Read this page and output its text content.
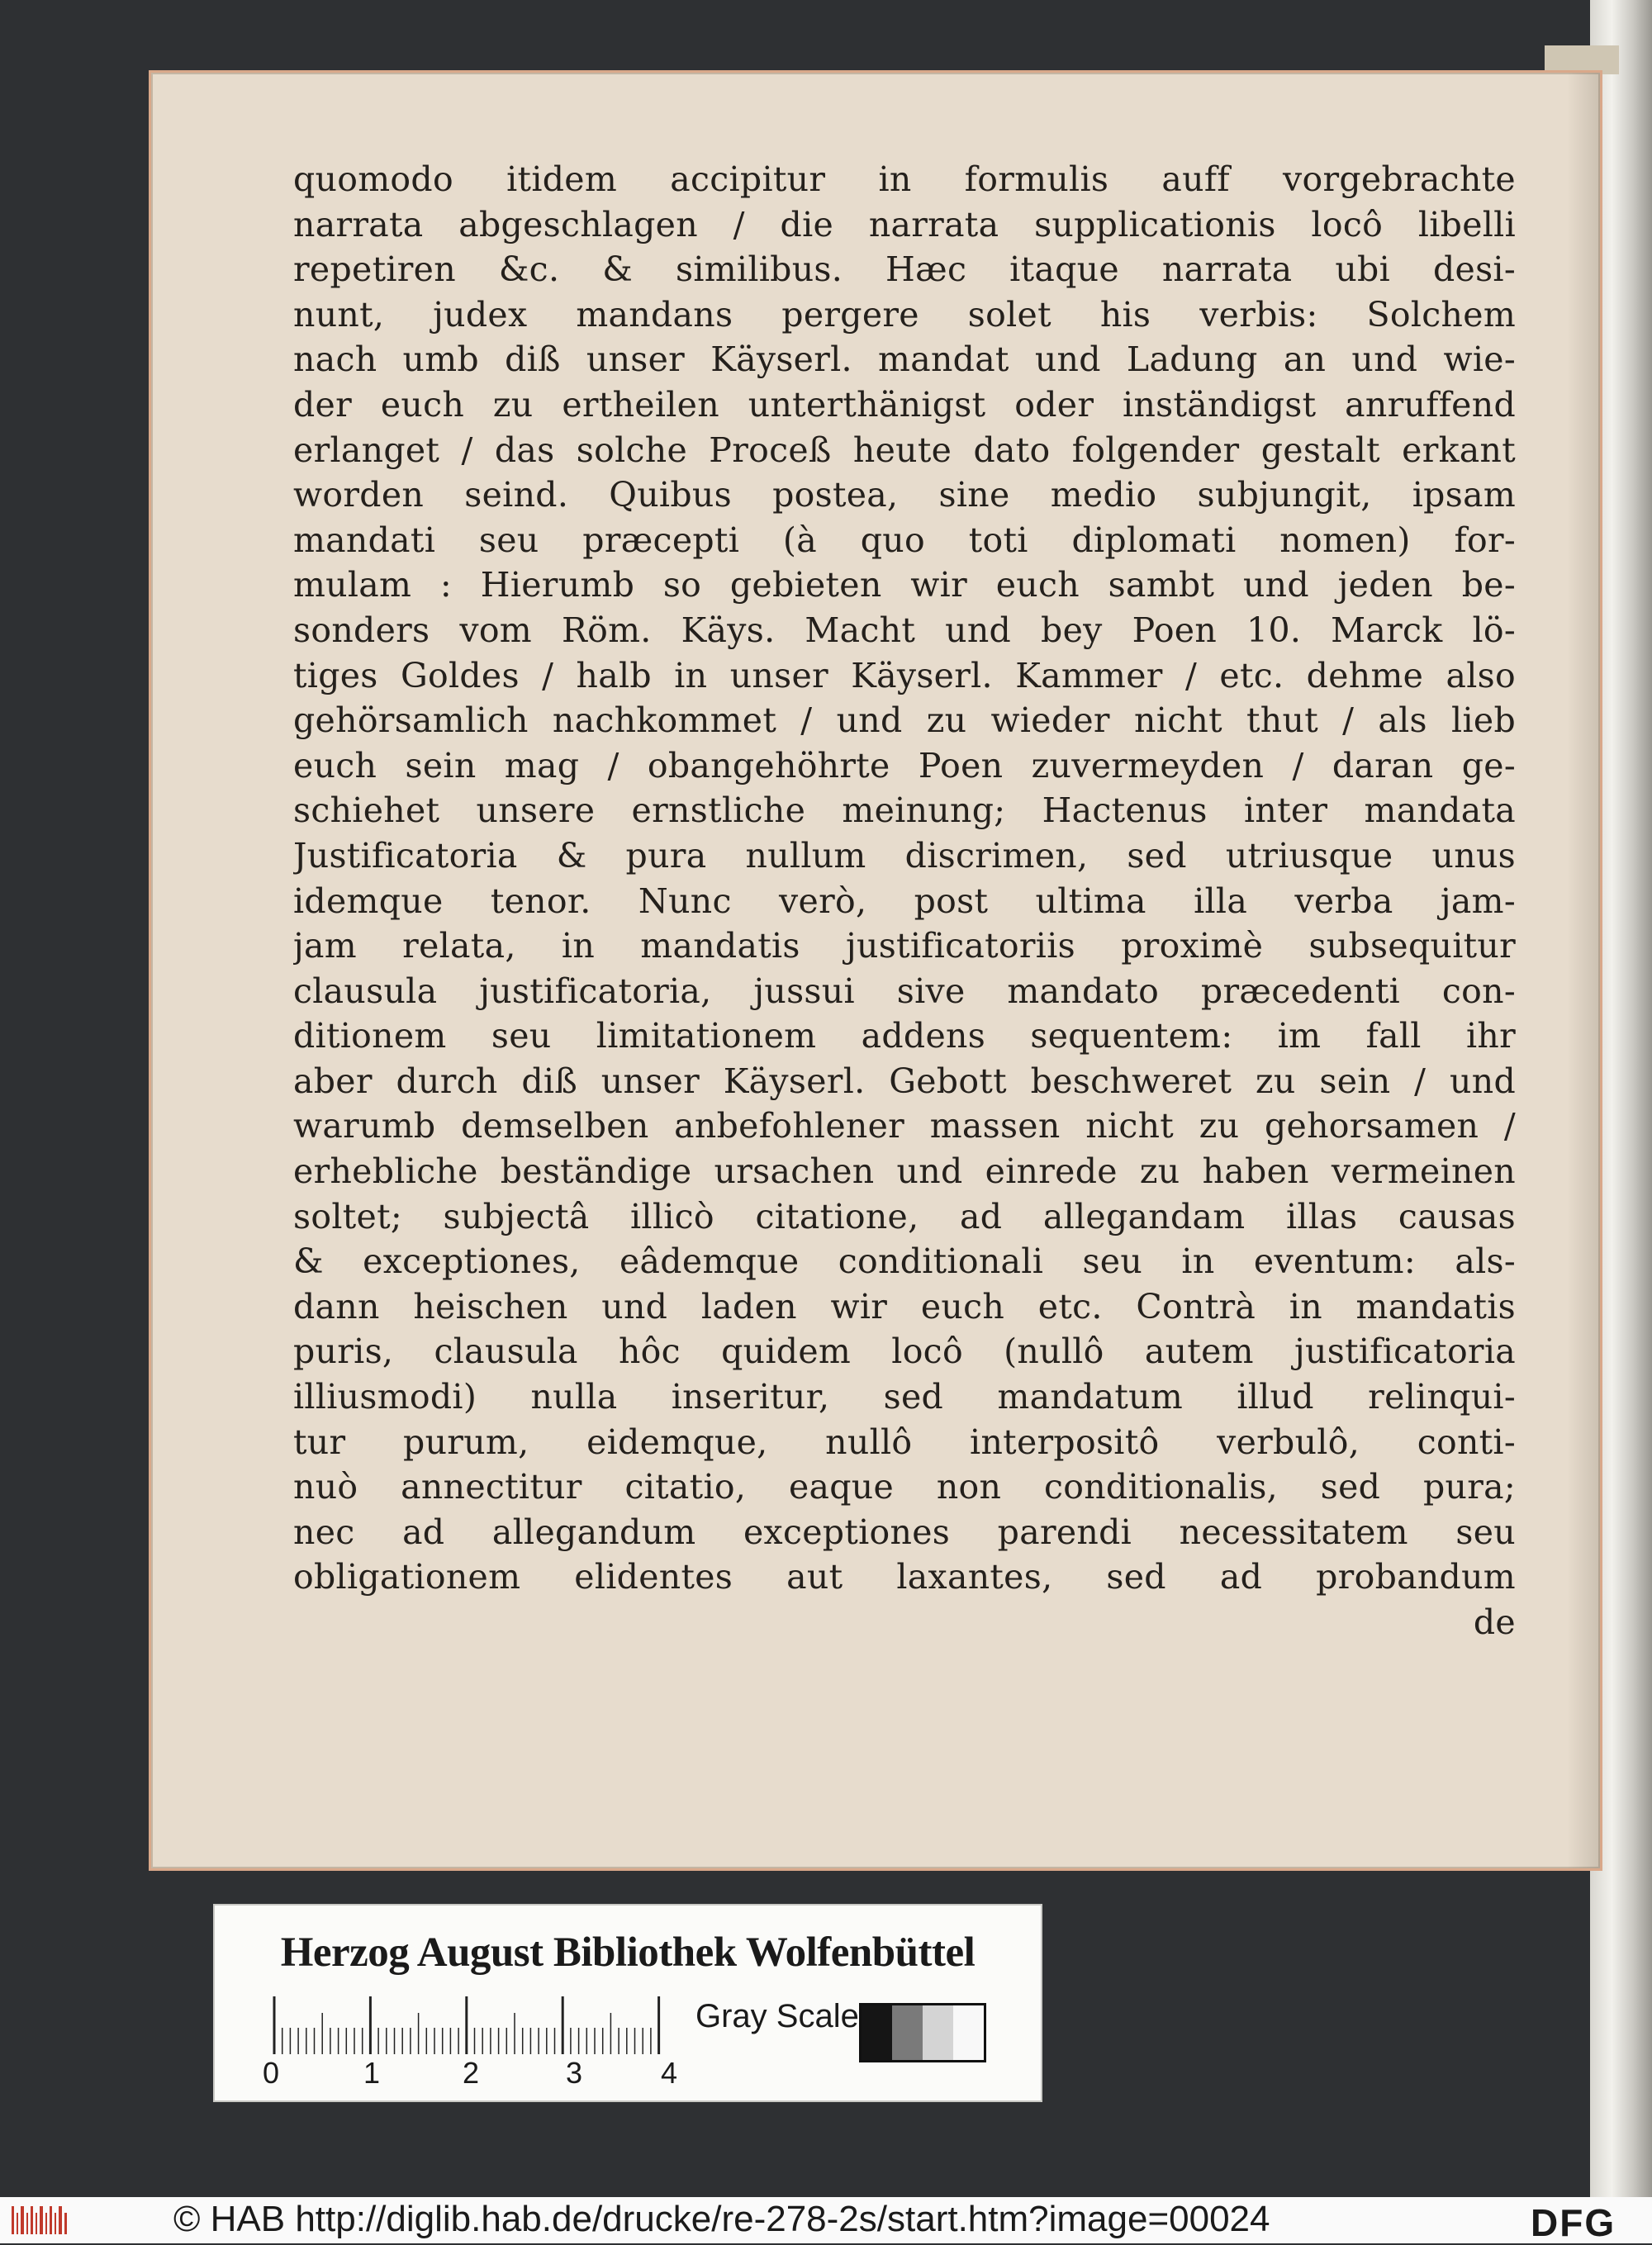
quomodo itidem accipitur in formulis auff vorgebrachte
narrata abgeschlagen / die narrata supplicationis locô libelli
repetiren &c. & similibus. Hæc itaque narrata ubi desi-
nunt, judex mandans pergere solet his verbis: Solchem
nach umb diß unser Käyserl. mandat und Ladung an und wie-
der euch zu ertheilen unterthänigst oder inständigst anruffend
erlanget / das solche Proceß heute dato folgender gestalt erkant
worden seind. Quibus postea, sine medio subjungit, ipsam
mandati seu præcepti (à quo toti diplomati nomen) for-
mulam : Hierumb so gebieten wir euch sambt und jeden be-
sonders vom Röm. Käys. Macht und bey Poen 10. Marck lö-
tiges Goldes / halb in unser Käyserl. Kammer / etc. dehme also
gehörsamlich nachkommet / und zu wieder nicht thut / als lieb
euch sein mag / obangehöhrte Poen zuvermeyden / daran ge-
schiehet unsere ernstliche meinung; Hactenus inter mandata
Justificatoria & pura nullum discrimen, sed utriusque unus
idemque tenor. Nunc verò, post ultima illa verba jam-
jam relata, in mandatis justificatoriis proximè subsequitur
clausula justificatoria, jussui sive mandato præcedenti con-
ditionem seu limitationem addens sequentem: im fall ihr
aber durch diß unser Käyserl. Gebott beschweret zu sein / und
warumb demselben anbefohlener massen nicht zu gehorsamen /
erhebliche beständige ursachen und einrede zu haben vermeinen
soltet; subjectâ illicò citatione, ad allegandam illas causas
& exceptiones, eâdemque conditionali seu in eventum: als-
dann heischen und laden wir euch etc. Contrà in mandatis
puris, clausula hôc quidem locô (nullô autem justificatoria
illiusmodi) nulla inseritur, sed mandatum illud relinqui-
tur purum, eidemque, nullô interpositô verbulô, conti-
nuò annectitur citatio, eaque non conditionalis, sed pura;
nec ad allegandum exceptiones parendi necessitatem seu
obligationem elidentes aut laxantes, sed ad probandum
de
Herzog August Bibliothek Wolfenbüttel
0	1	2	3	4
Gray Scale
© HAB http://diglib.hab.de/drucke/re-278-2s/start.htm?image=00024	DFG
